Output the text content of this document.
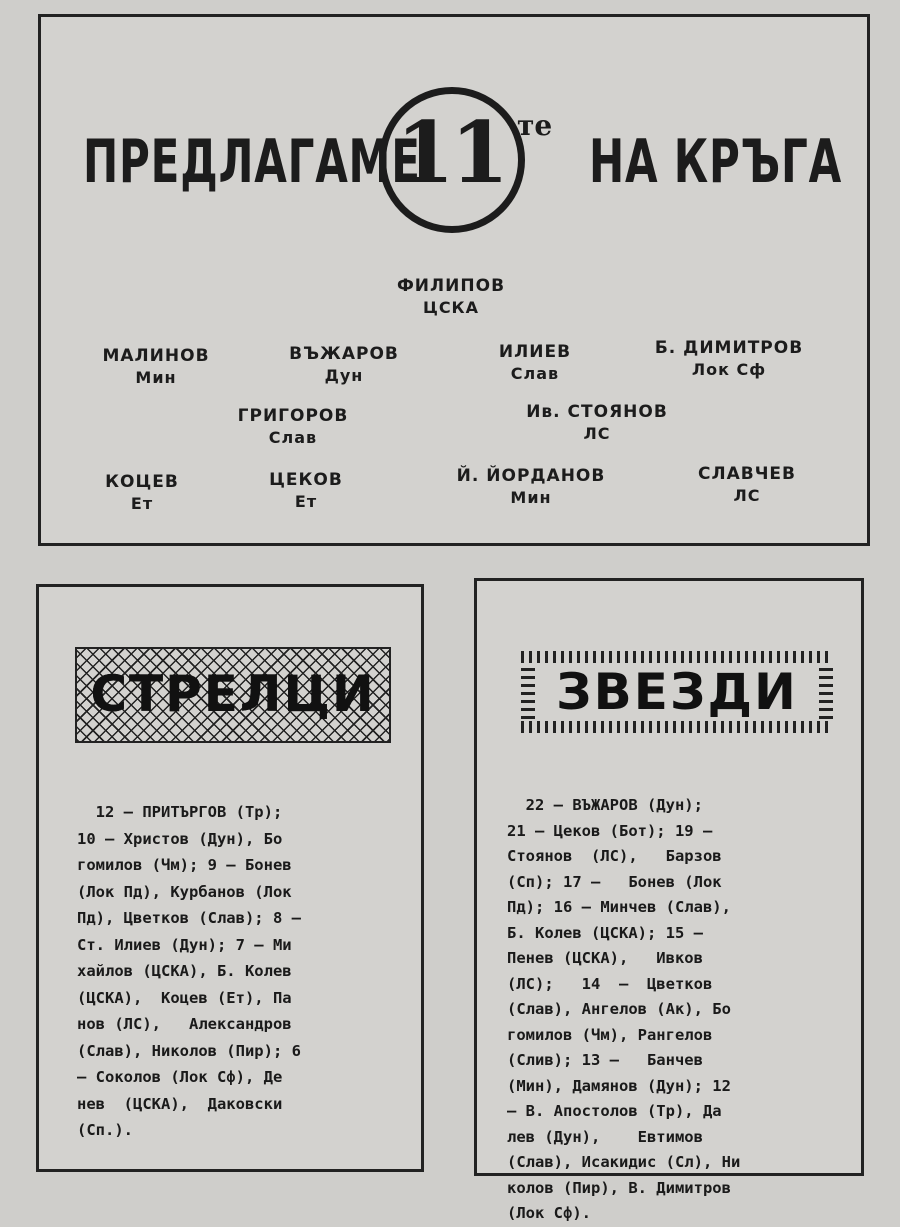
ПРЕДЛАГАМЕ
11 те
НА КРЪГА
ФИЛИПОВ
ЦСКА
МАЛИНОВ
Мин
ВЪЖАРОВ
Дун
ИЛИЕВ
Слав
Б. ДИМИТРОВ
Лок Сф
ГРИГОРОВ
Слав
Ив. СТОЯНОВ
ЛС
КОЦЕВ
Ет
ЦЕКОВ
Ет
Й. ЙОРДАНОВ
Мин
СЛАВЧЕВ
ЛС
СТРЕЛЦИ
12 — ПРИТЪРГОВ (Тр);
10 — Христов (Дун), Бо
гомилов (Чм); 9 — Бонев
(Лок Пд), Курбанов (Лок
Пд), Цветков (Слав); 8 —
Ст. Илиев (Дун); 7 — Ми
хайлов (ЦСКА), Б. Колев
(ЦСКА),  Коцев (Ет), Па
нов (ЛС),   Александров
(Слав), Николов (Пир); 6
— Соколов (Лок Сф), Де
нев  (ЦСКА),  Даковски
(Сп.).
ЗВЕЗДИ
22 — ВЪЖАРОВ (Дун);
21 — Цеков (Бот); 19 —
Стоянов  (ЛС),   Барзов
(Сп); 17 —   Бонев (Лок
Пд); 16 — Минчев (Слав),
Б. Колев (ЦСКА); 15 —
Пенев (ЦСКА),   Ивков
(ЛС);   14  —  Цветков
(Слав), Ангелов (Ак), Бо
гомилов (Чм), Рангелов
(Слив); 13 —   Банчев
(Мин), Дамянов (Дун); 12
— В. Апостолов (Тр), Да
лев (Дун),    Евтимов
(Слав), Исакидис (Сл), Ни
колов (Пир), В. Димитров
(Лок Сф).
